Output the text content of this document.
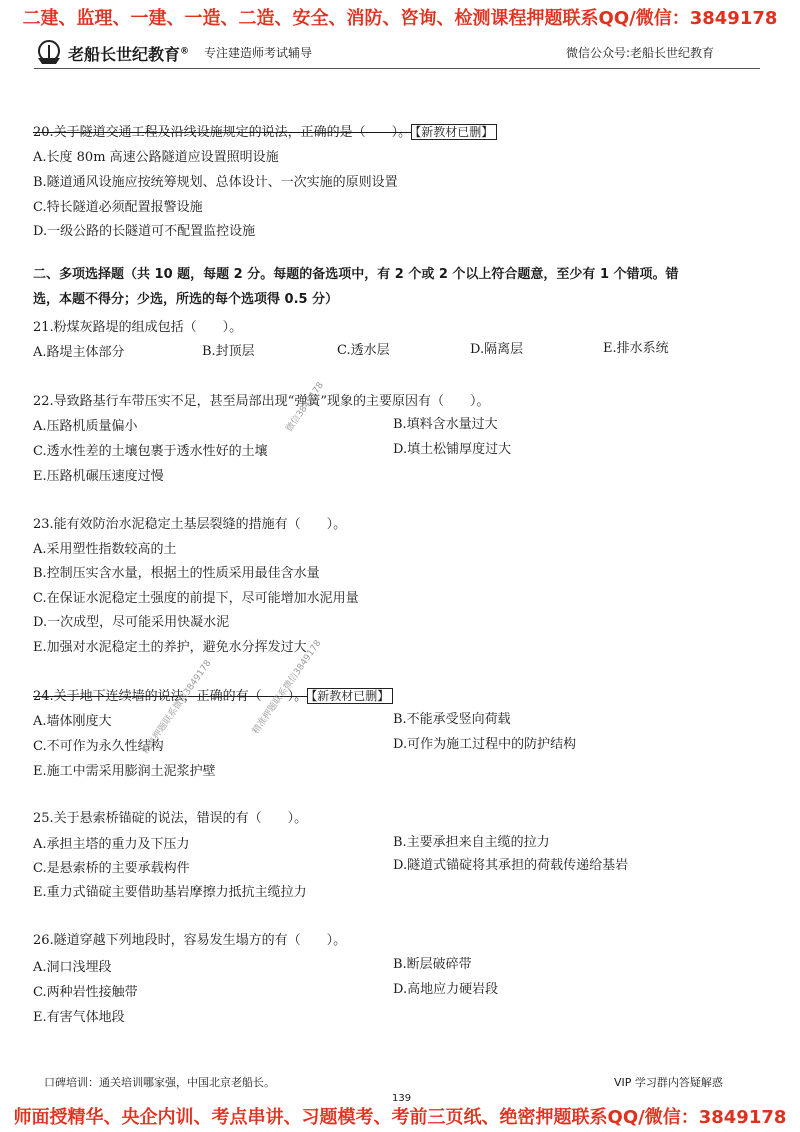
二建、监理、一建、一造、二造、安全、消防、咨询、检测课程押题联系QQ/微信：3849178
老船长世纪教育® 专注建造师考试辅导	微信公众号:老船长世纪教育
20.关于隧道交通工程及沿线设施规定的说法，正确的是（　　）。 【新教材已删】
A.长度 80m 高速公路隧道应设置照明设施
B.隧道通风设施应按统筹规划、总体设计、一次实施的原则设置
C.特长隧道必须配置报警设施
D.一级公路的长隧道可不配置监控设施
二、多项选择题（共 10 题，每题 2 分。每题的备选项中，有 2 个或 2 个以上符合题意，至少有 1 个错项。错
选，本题不得分；少选，所选的每个选项得 0.5 分）
21.粉煤灰路堤的组成包括（　　）。
A.路堤主体部分	B.封顶层	C.透水层	D.隔离层	E.排水系统
22.导致路基行车带压实不足，甚至局部出现“弹簧”现象的主要原因有（　　）。
A.压路机质量偏小	B.填料含水量过大
C.透水性差的土壤包裹于透水性好的土壤	D.填土松铺厚度过大
E.压路机碾压速度过慢
23.能有效防治水泥稳定土基层裂缝的措施有（　　）。
A.采用塑性指数较高的土
B.控制压实含水量，根据土的性质采用最佳含水量
C.在保证水泥稳定土强度的前提下，尽可能增加水泥用量
D.一次成型，尽可能采用快凝水泥
E.加强对水泥稳定土的养护，避免水分挥发过大
24.关于地下连续墙的说法，正确的有（　　）。 【新教材已删】
A.墙体刚度大	B.不能承受竖向荷载
C.不可作为永久性结构	D.可作为施工过程中的防护结构
E.施工中需采用膨润土泥浆护壁
25.关于悬索桥锚碇的说法，错误的有（　　）。
A.承担主塔的重力及下压力	B.主要承担来自主缆的拉力
C.是悬索桥的主要承载构件	D.隧道式锚碇将其承担的荷载传递给基岩
E.重力式锚碇主要借助基岩摩擦力抵抗主缆拉力
26.隧道穿越下列地段时，容易发生塌方的有（　　）。
A.洞口浅埋段	B.断层破碎带
C.两种岩性接触带	D.高地应力硬岩段
E.有害气体地段
微信3849178
精准押题联系微信3849178
精准押题联系微信3849178
口碑培训：通关培训哪家强，中国北京老船长。	VIP 学习群内答疑解惑
139
师面授精华、央企内训、考点串讲、习题模考、考前三页纸、绝密押题联系QQ/微信：3849178
